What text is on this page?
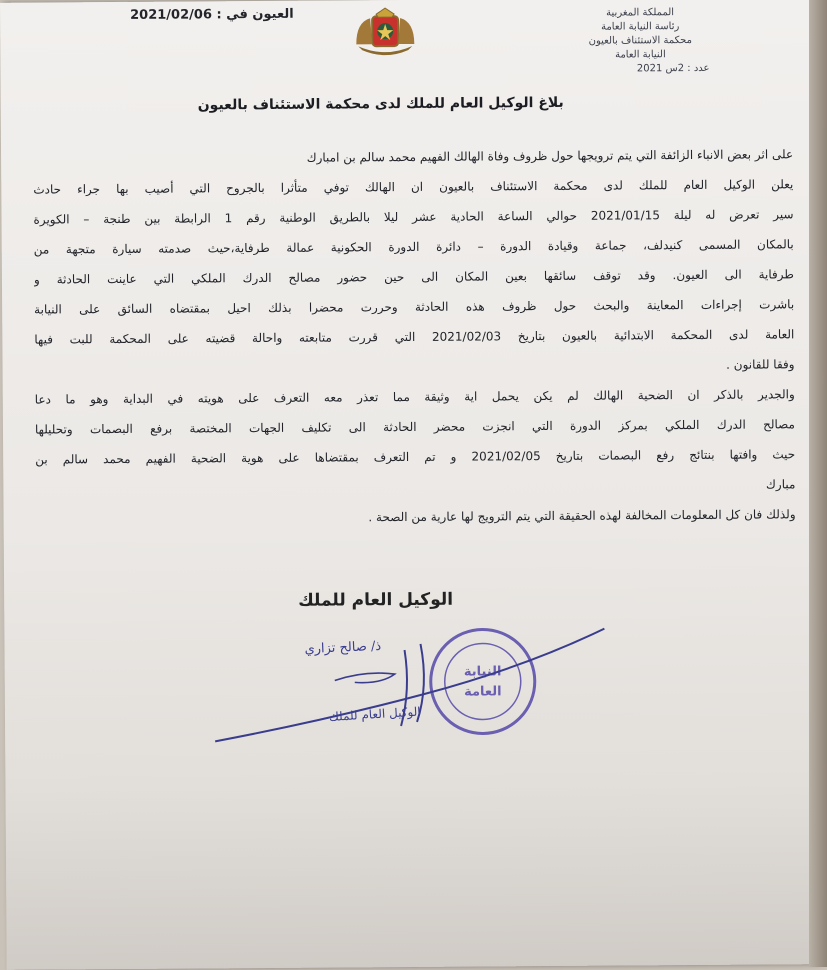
المملكة المغربية
رئاسة النيابة العامة
محكمة الاستئناف بالعيون
النيابة العامة
عدد : 2س 2021
العيون في : 2021/02/06
بلاغ الوكيل العام للملك لدى محكمة الاستئناف بالعيون
على اثر بعض الانباء الزائفة التي يتم ترويجها حول ظروف وفاة الهالك الفهيم محمد سالم بن امبارك
يعلن الوكيل العام للملك لدى محكمة الاستئناف بالعيون ان الهالك توفي متأثرا بالجروح التي أصيب بها جراء حادث
سير تعرض له ليلة 2021/01/15 حوالي الساعة الحادية عشر ليلا بالطريق الوطنية رقم 1 الرابطة بين طنجة – الكويرة
بالمكان المسمى كنيدلف، جماعة وقيادة الدورة – دائرة الدورة الحكونية عمالة طرفاية،حيث صدمته سيارة متجهة من
طرفاية الى العيون. وقد توقف سائقها بعين المكان الى حين حضور مصالح الدرك الملكي التي عاينت الحادثة و
باشرت إجراءات المعاينة والبحث حول ظروف هذه الحادثة وحررت محضرا بذلك احيل بمقتضاه السائق على النيابة
العامة لدى المحكمة الابتدائية بالعيون بتاريخ 2021/02/03 التي قررت متابعته واحالة قضيته على المحكمة للبت فيها
وفقا للقانون .
والجدير بالذكر ان الضحية الهالك لم يكن يحمل اية وثيقة مما تعذر معه التعرف على هويته في البداية وهو ما دعا
مصالح الدرك الملكي بمركز الدورة التي انجزت محضر الحادثة الى تكليف الجهات المختصة برفع البصمات وتحليلها
حيث وافتها بنتائج رفع البصمات بتاريخ 2021/02/05 و تم التعرف بمقتضاها على هوية الضحية الفهيم محمد سالم بن
مبارك
ولذلك فان كل المعلومات المخالفة لهذه الحقيقة التي يتم الترويج لها عارية من الصحة .
الوكيل العام للملك
ذ/ صالح تزاري
النيابة
العامة
الوكيل العام للملك
